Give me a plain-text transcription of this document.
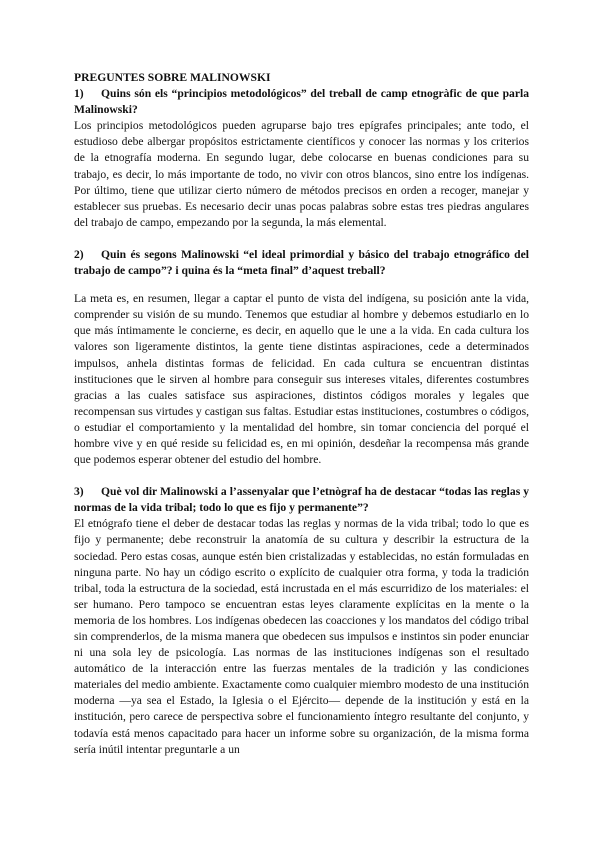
PREGUNTES SOBRE MALINOWSKI

1) Quins són els “principios metodológicos” del treball de camp etnogràfic de que parla Malinowski?

Los principios metodológicos pueden agruparse bajo tres epígrafes principales; ante todo, el estudioso debe albergar propósitos estrictamente científicos y conocer las normas y los criterios de la etnografía moderna. En segundo lugar, debe colocarse en buenas condiciones para su trabajo, es decir, lo más importante de todo, no vivir con otros blancos, sino entre los indígenas. Por último, tiene que utilizar cierto número de métodos precisos en orden a recoger, manejar y establecer sus pruebas. Es necesario decir unas pocas palabras sobre estas tres piedras angulares del trabajo de campo, empezando por la segunda, la más elemental.

2) Quin és segons Malinowski “el ideal primordial y básico del trabajo etnográfico del trabajo de campo”? i quina és la “meta final” d’aquest treball?

La meta es, en resumen, llegar a captar el punto de vista del indígena, su posición ante la vida, comprender su visión de su mundo. Tenemos que estudiar al hombre y debemos estudiarlo en lo que más íntimamente le concierne, es decir, en aquello que le une a la vida. En cada cultura los valores son ligeramente distintos, la gente tiene distintas aspiraciones, cede a determinados impulsos, anhela distintas formas de felicidad. En cada cultura se encuentran distintas instituciones que le sirven al hombre para conseguir sus intereses vitales, diferentes costumbres gracias a las cuales satisface sus aspiraciones, distintos códigos morales y legales que recompensan sus virtudes y castigan sus faltas. Estudiar estas instituciones, costumbres o códigos, o estudiar el comportamiento y la mentalidad del hombre, sin tomar conciencia del porqué el hombre vive y en qué reside su felicidad es, en mi opinión, desdeñar la recompensa más grande que podemos esperar obtener del estudio del hombre.

3) Què vol dir Malinowski a l’assenyalar que l’etnògraf ha de destacar “todas las reglas y normas de la vida tribal; todo lo que es fijo y permanente”?

El etnógrafo tiene el deber de destacar todas las reglas y normas de la vida tribal; todo lo que es fijo y permanente; debe reconstruir la anatomía de su cultura y describir la estructura de la sociedad. Pero estas cosas, aunque estén bien cristalizadas y establecidas, no están formuladas en ninguna parte. No hay un código escrito o explícito de cualquier otra forma, y toda la tradición tribal, toda la estructura de la sociedad, está incrustada en el más escurridizo de los materiales: el ser humano. Pero tampoco se encuentran estas leyes claramente explícitas en la mente o la memoria de los hombres. Los indígenas obedecen las coacciones y los mandatos del código tribal sin comprenderlos, de la misma manera que obedecen sus impulsos e instintos sin poder enunciar ni una sola ley de psicología. Las normas de las instituciones indígenas son el resultado automático de la interacción entre las fuerzas mentales de la tradición y las condiciones materiales del medio ambiente. Exactamente como cualquier miembro modesto de una institución moderna —ya sea el Estado, la Iglesia o el Ejército— depende de la institución y está en la institución, pero carece de perspectiva sobre el funcionamiento íntegro resultante del conjunto, y todavía está menos capacitado para hacer un informe sobre su organización, de la misma forma sería inútil intentar preguntarle a un
